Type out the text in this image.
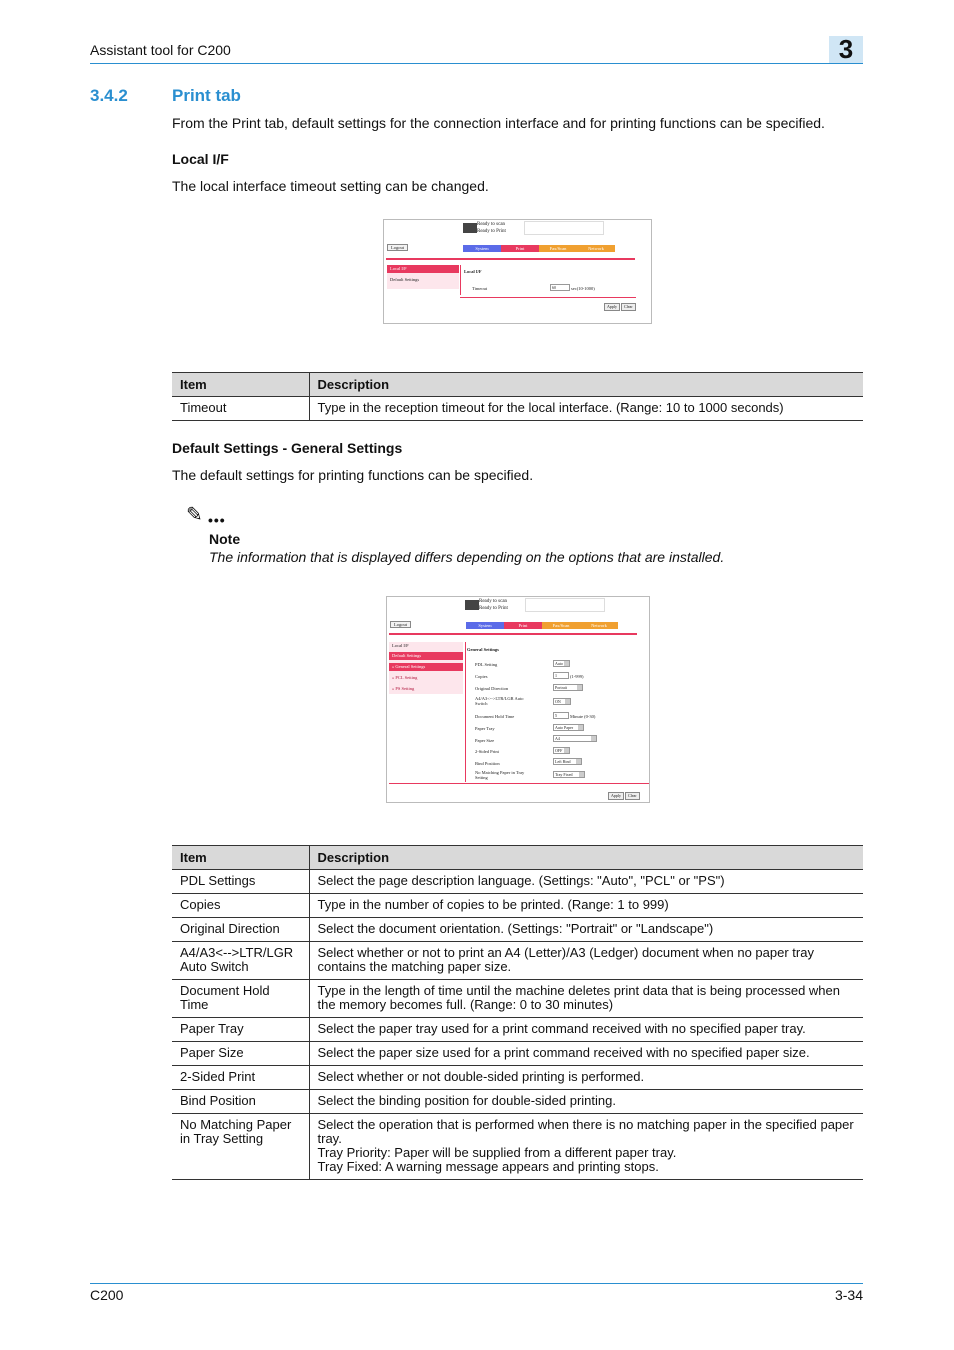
Assistant tool for C200	3
3.4.2	Print tab
From the Print tab, default settings for the connection interface and for printing functions can be specified.
Local I/F
The local interface timeout setting can be changed.
Ready to scan
Ready to Print
Logout	System	Print	Fax/Scan	Network
Local I/F
Default Settings
Local I/F
Timeout	60	sec(10-1000)
Apply	Clear
Item	Description
Timeout	Type in the reception timeout for the local interface. (Range: 10 to 1000 seconds)
Default Settings - General Settings
The default settings for printing functions can be specified.
✎ •••
Note
The information that is displayed differs depending on the options that are installed.
Ready to scan
Ready to Print
Logout	System	Print	Fax/Scan	Network
Local I/F
Default Settings
» General Settings
» PCL Setting
» PS Setting
General Settings
PDL Setting	Auto
Copies	1	(1-999)
Original Direction	Portrait
A4/A3<-->LTR/LGR Auto Switch	ON
Document Hold Time	5	Minute (0-30)
Paper Tray	Auto Paper
Paper Size	A4
2-Sided Print	OFF
Bind Position	Left Bind
No Matching Paper in Tray Setting
Tray Fixed
Apply	Clear
Item	Description
PDL Settings	Select the page description language. (Settings: "Auto", "PCL" or "PS")
Copies	Type in the number of copies to be printed. (Range: 1 to 999)
Original Direction	Select the document orientation. (Settings: "Portrait" or "Landscape")
A4/A3<-->LTR/LGR Auto Switch	Select whether or not to print an A4 (Letter)/A3 (Ledger) document when no paper tray contains the matching paper size.
Document Hold Time	Type in the length of time until the machine deletes print data that is being processed when the memory becomes full. (Range: 0 to 30 minutes)
Paper Tray	Select the paper tray used for a print command received with no specified paper tray.
Paper Size	Select the paper size used for a print command received with no specified paper size.
2-Sided Print	Select whether or not double-sided printing is performed.
Bind Position	Select the binding position for double-sided printing.
No Matching Paper in Tray Setting	Select the operation that is performed when there is no matching paper in the specified paper tray.
Tray Priority: Paper will be supplied from a different paper tray.
Tray Fixed: A warning message appears and printing stops.
C200	3-34
